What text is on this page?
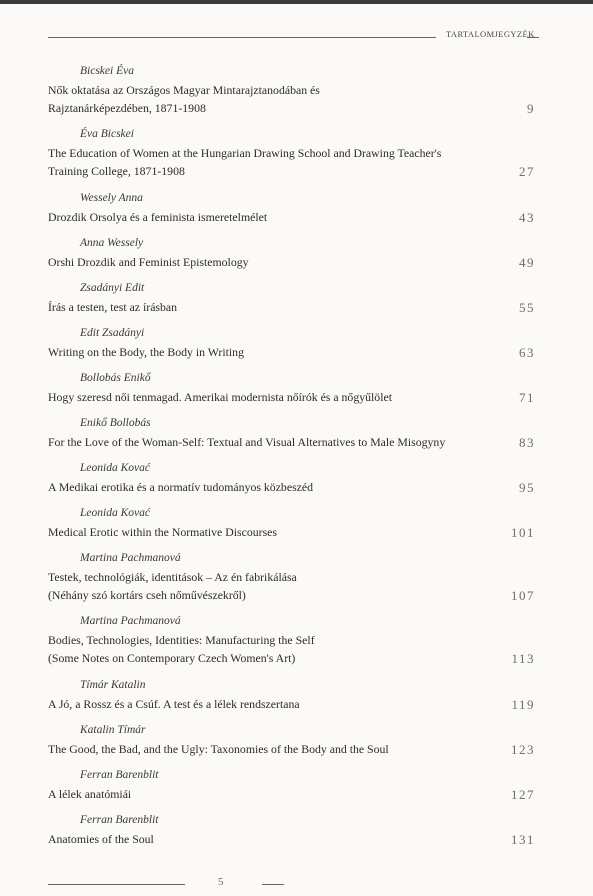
TARTALOMJEGYZÉK
Bicskei Éva
Nők oktatása az Országos Magyar Mintarajztanodában és
Rajztanárképezdében, 1871-1908	9
Éva Bicskei
The Education of Women at the Hungarian Drawing School and Drawing Teacher's
Training College, 1871-1908	27
Wessely Anna
Drozdik Orsolya és a feminista ismeretelmélet	43
Anna Wessely
Orshi Drozdik and Feminist Epistemology	49
Zsadányi Edit
Írás a testen, test az írásban	55
Edit Zsadányi
Writing on the Body, the Body in Writing	63
Bollobás Enikő
Hogy szeresd női tenmagad. Amerikai modernista nőírók és a nőgyűlölet	71
Enikő Bollobás
For the Love of the Woman-Self: Textual and Visual Alternatives to Male Misogyny	83
Leonida Kovać
A Medikai erotika és a normatív tudományos közbeszéd	95
Leonida Kovać
Medical Erotic within the Normative Discourses	101
Martina Pachmanová
Testek, technológiák, identitások – Az én fabrikálása
(Néhány szó kortárs cseh nőművészekről)	107
Martina Pachmanová
Bodies, Technologies, Identities: Manufacturing the Self
(Some Notes on Contemporary Czech Women's Art)	113
Tímár Katalin
A Jó, a Rossz és a Csúf. A test és a lélek rendszertana	119
Katalin Tímár
The Good, the Bad, and the Ugly: Taxonomies of the Body and the Soul	123
Ferran Barenblit
A lélek anatómiái	127
Ferran Barenblit
Anatomies of the Soul	131
5
